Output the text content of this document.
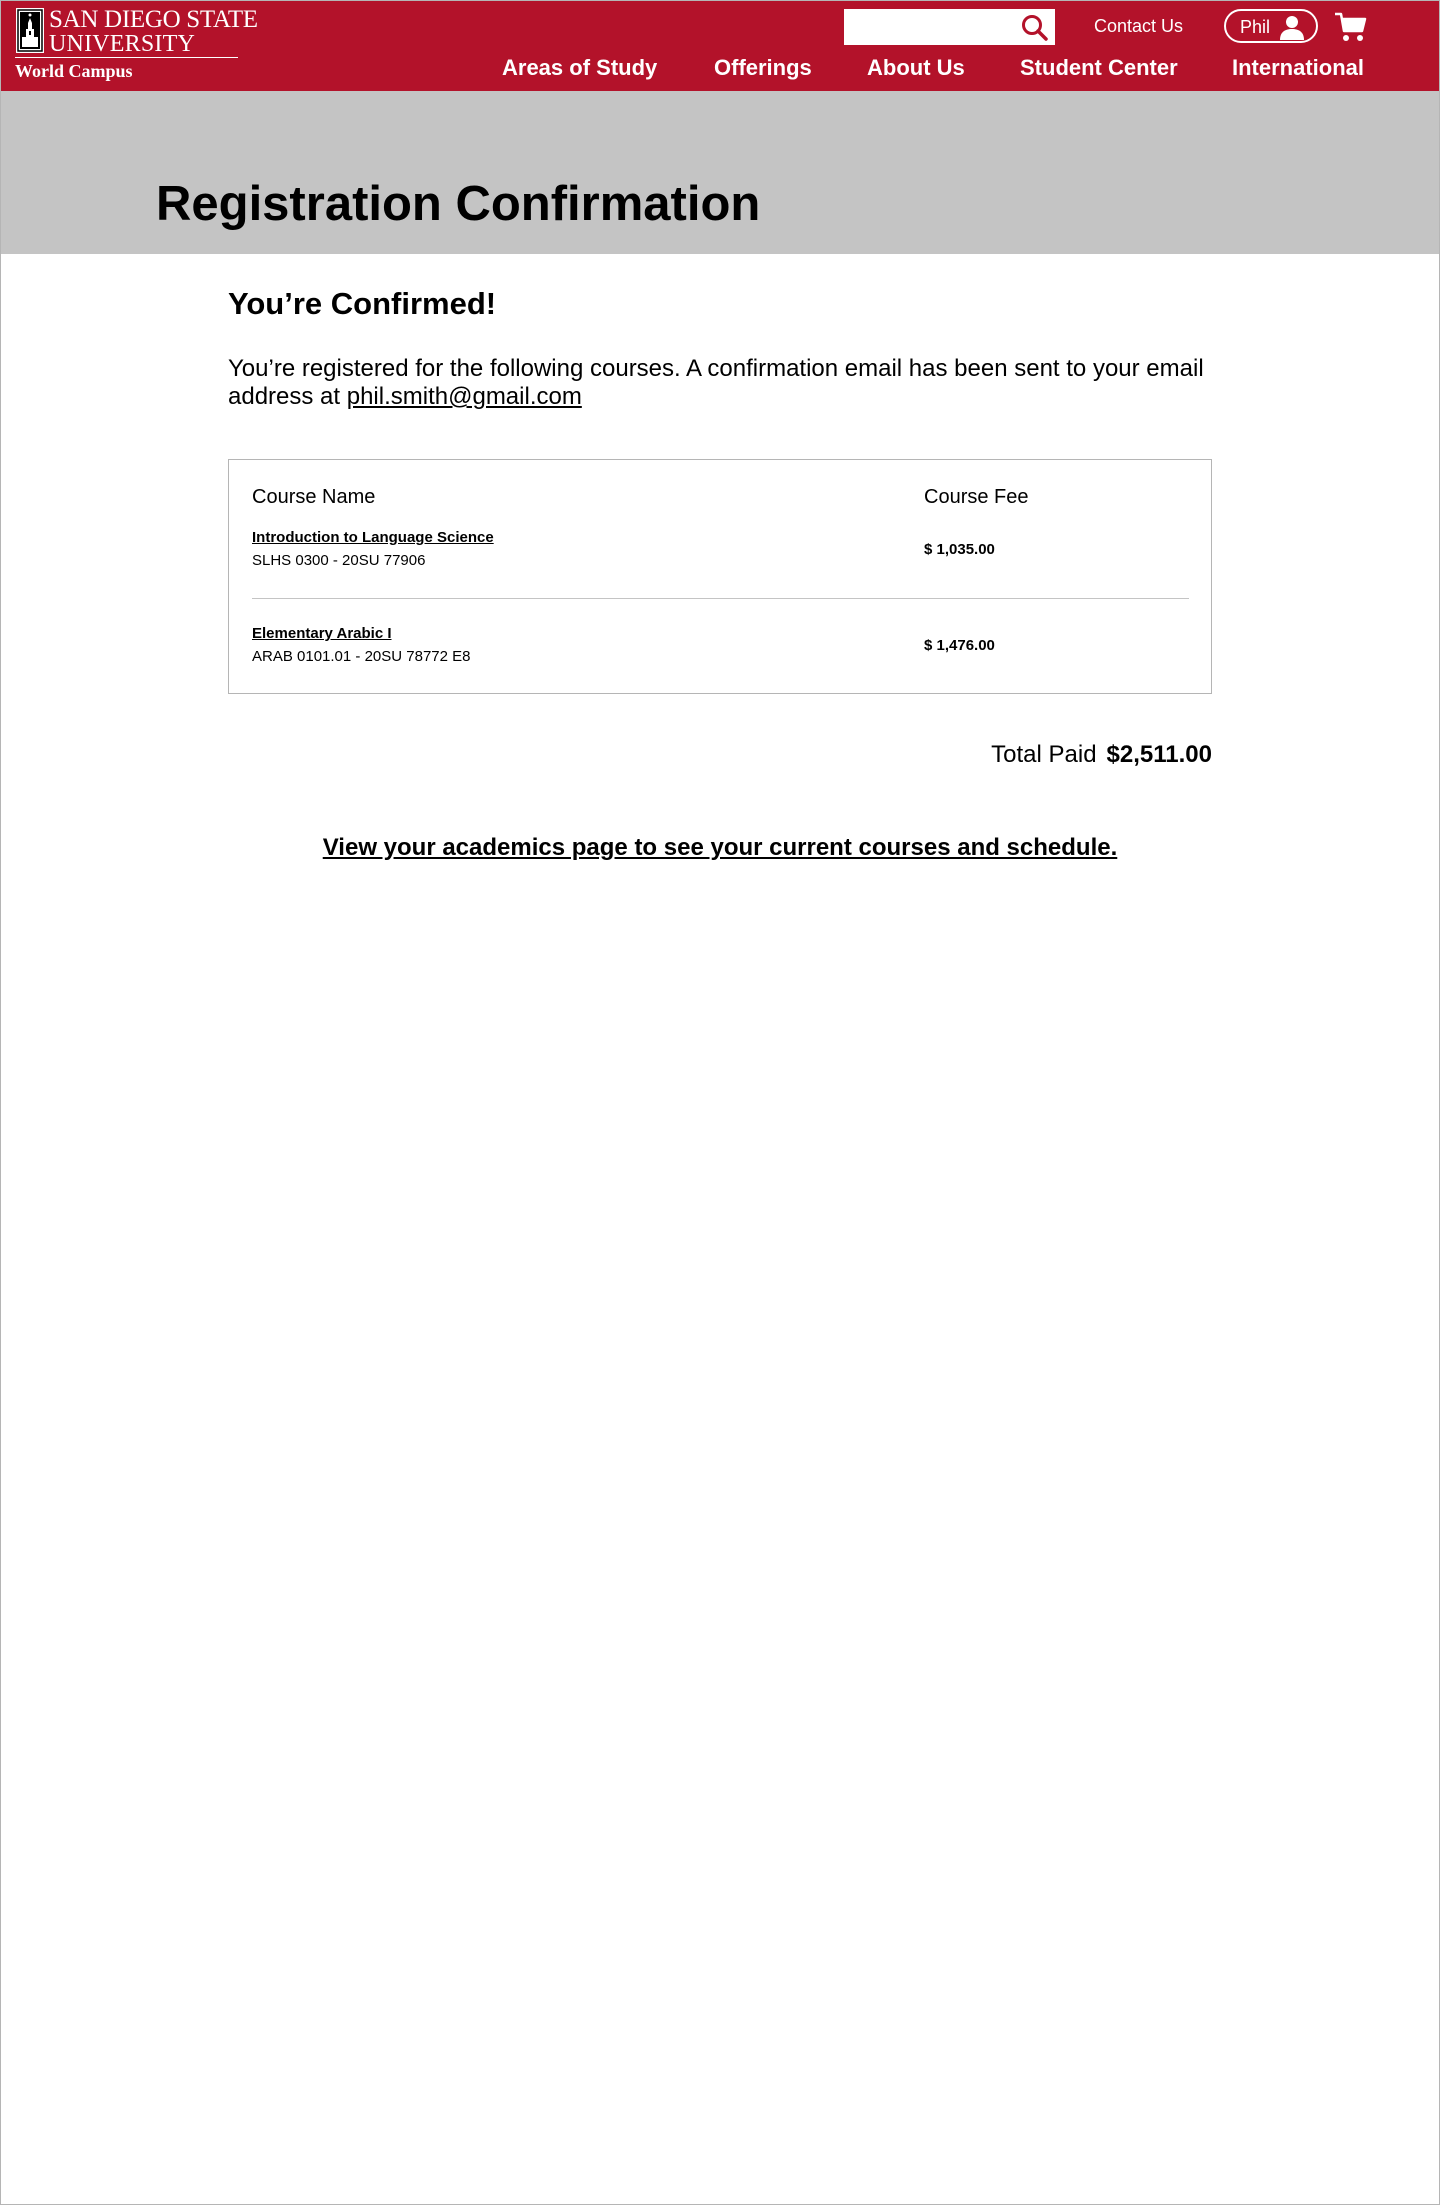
SAN DIEGO STATE
UNIVERSITY
World Campus
Contact Us	Phil
Areas of Study	Offerings	About Us	Student Center International
Registration Confirmation
You’re Confirmed!

You’re registered for the following courses. A confirmation email has been sent to your email address at phil.smith@gmail.com

Course Name	Course Fee
Introduction to Language Science
SLHS 0300 - 20SU 77906
$ 1,035.00
Elementary Arabic I
ARAB 0101.01 - 20SU 78772 E8
$ 1,476.00
Total Paid $2,511.00
View your academics page to see your current courses and schedule.
